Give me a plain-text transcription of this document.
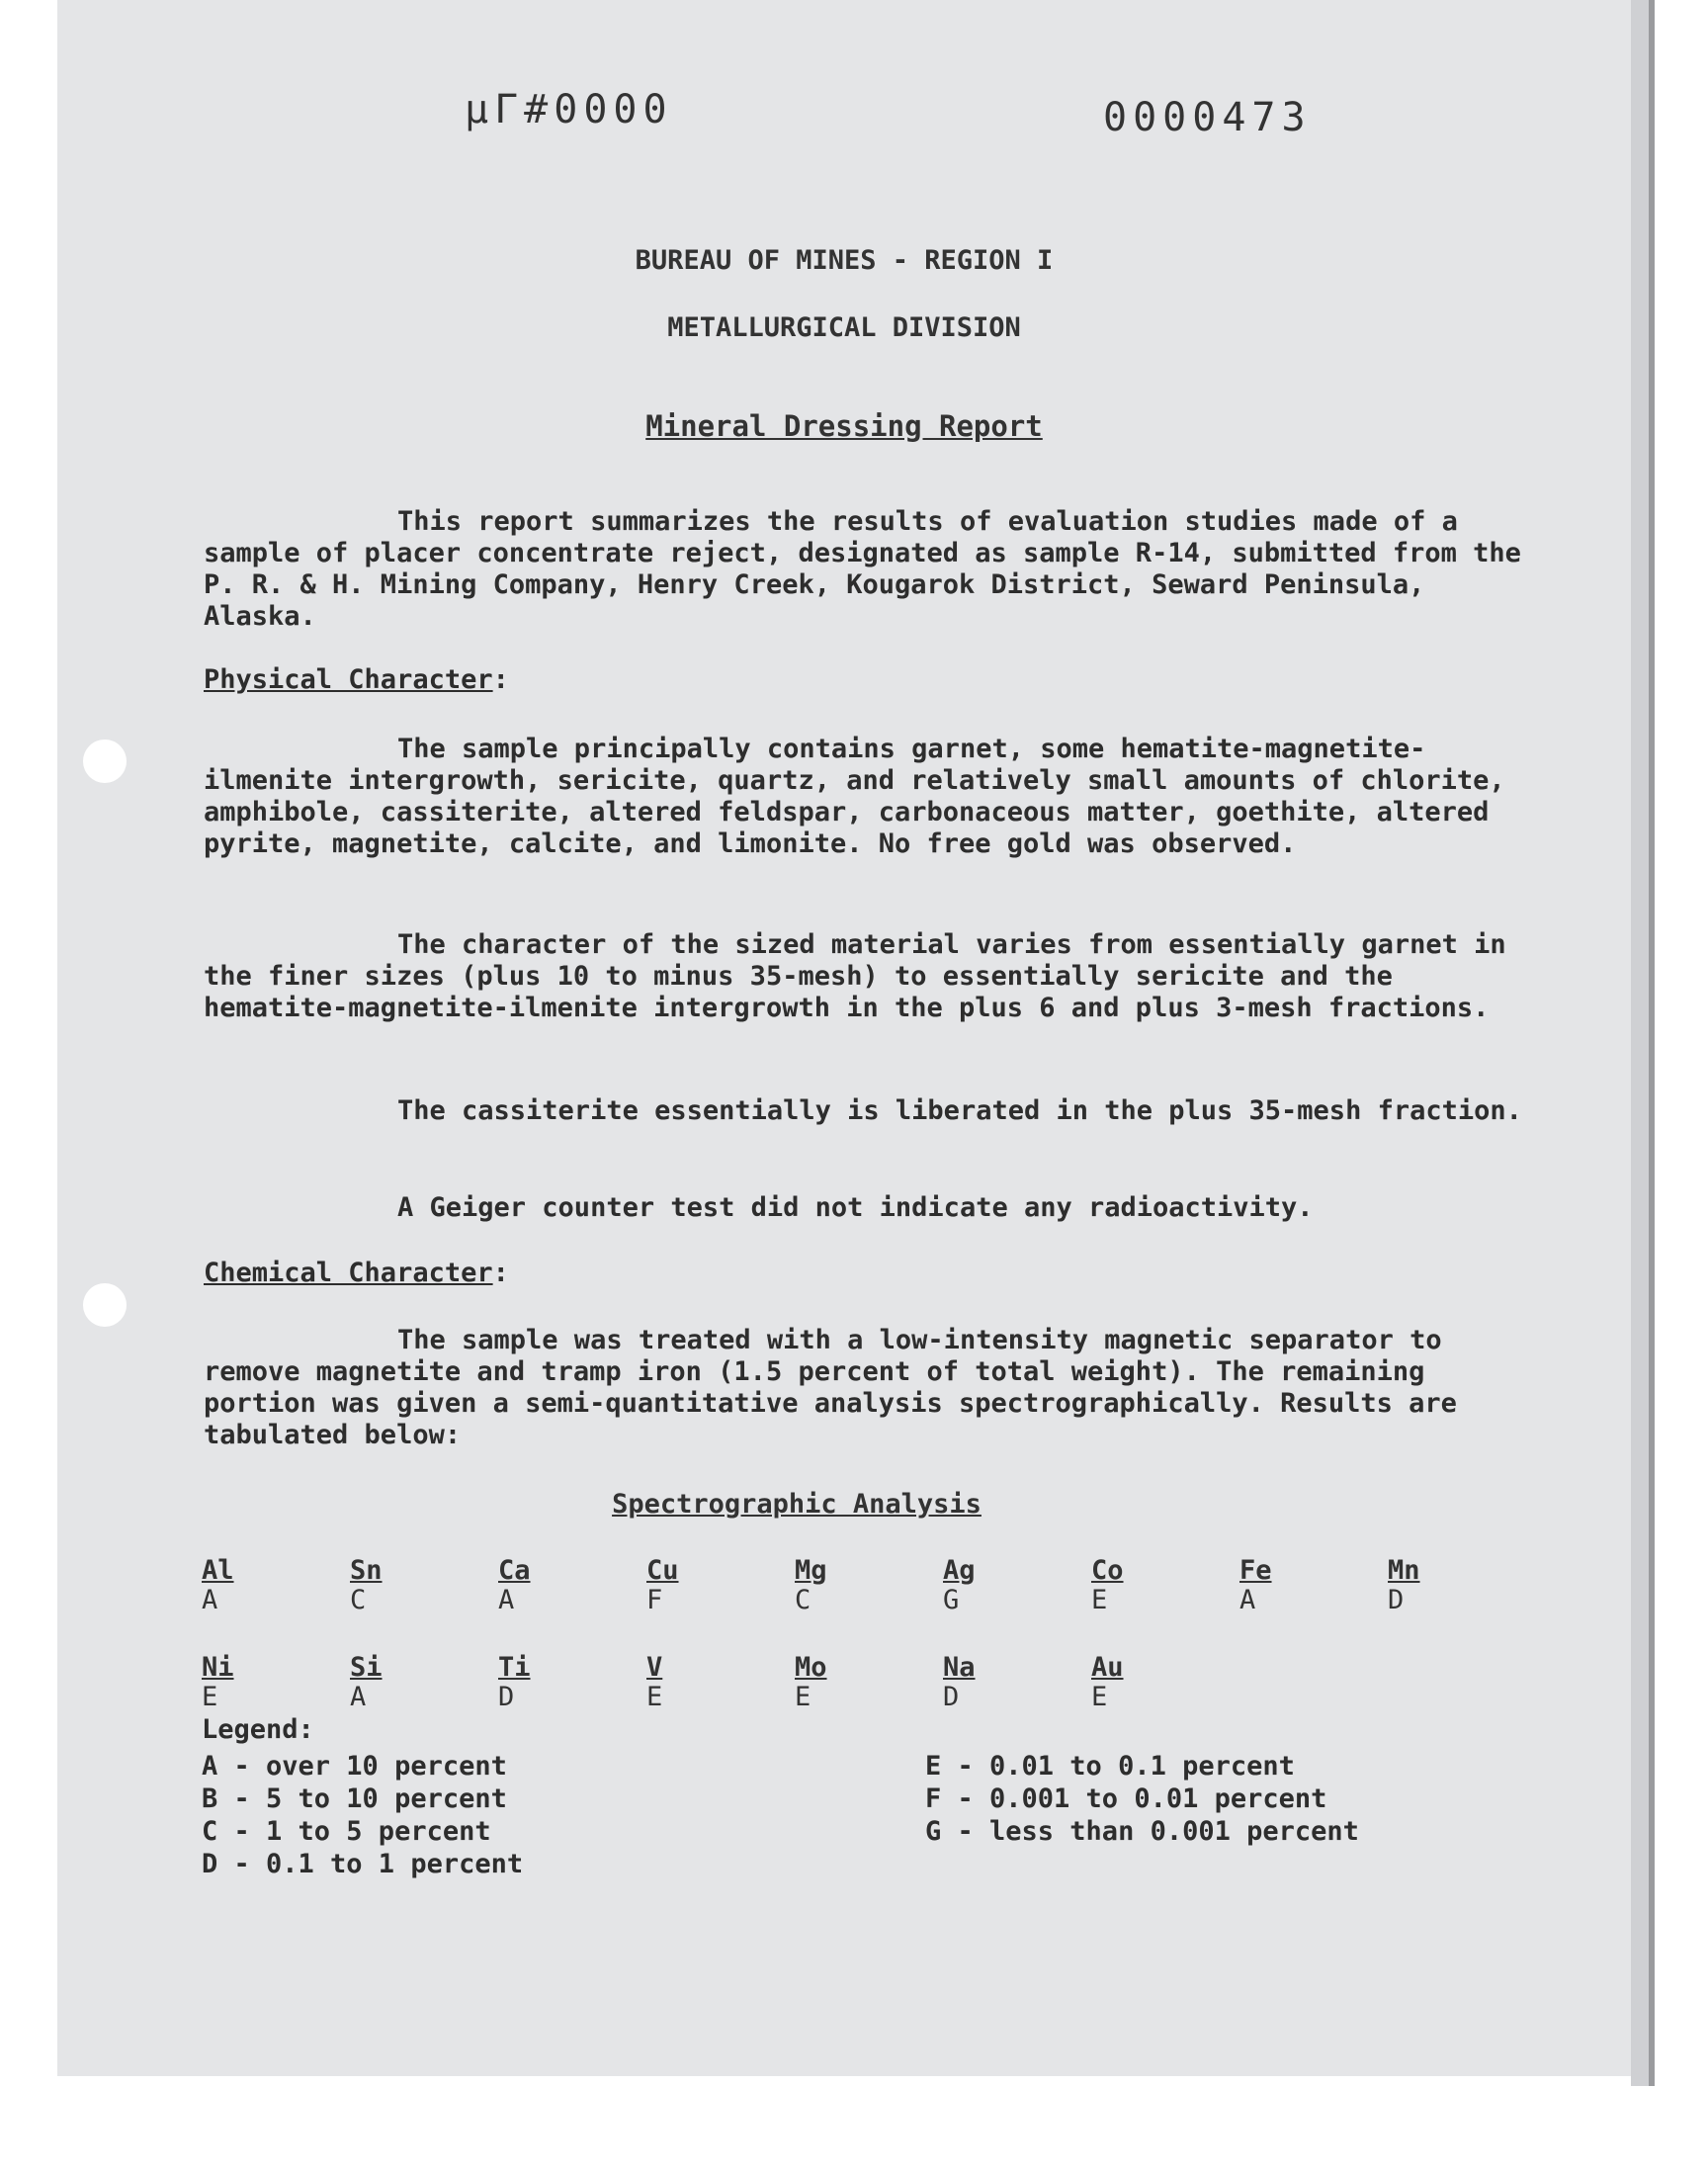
µΓ#0000	0000473
BUREAU OF MINES - REGION I
METALLURGICAL DIVISION
Mineral Dressing Report

This report summarizes the results of evaluation studies made of a sample of placer concentrate reject, designated as sample R-14, submitted from the P. R. & H. Mining Company, Henry Creek, Kougarok District, Seward Peninsula, Alaska.

Physical Character:

The sample principally contains garnet, some hematite-magnetite-ilmenite intergrowth, sericite, quartz, and relatively small amounts of chlorite, amphibole, cassiterite, altered feldspar, carbonaceous matter, goethite, altered pyrite, magnetite, calcite, and limonite. No free gold was observed.

The character of the sized material varies from essentially garnet in the finer sizes (plus 10 to minus 35-mesh) to essentially sericite and the hematite-magnetite-ilmenite intergrowth in the plus 6 and plus 3-mesh fractions.

The cassiterite essentially is liberated in the plus 35-mesh fraction.

A Geiger counter test did not indicate any radioactivity.

Chemical Character:

The sample was treated with a low-intensity magnetic separator to remove magnetite and tramp iron (1.5 percent of total weight). The remaining portion was given a semi-quantitative analysis spectrographically. Results are tabulated below:

Spectrographic Analysis
Al
A
Sn
C
Ca
A
Cu
F
Mg
C
Ag
G
Co
E
Fe
A
Mn
D
Ni
E
Si
A
Ti
D
V
E
Mo
E
Na
D
Au
E
Legend:
A - over 10 percent
B - 5 to 10 percent
C - 1 to 5 percent
D - 0.1 to 1 percent
E - 0.01 to 0.1 percent
F - 0.001 to 0.01 percent
G - less than 0.001 percent
